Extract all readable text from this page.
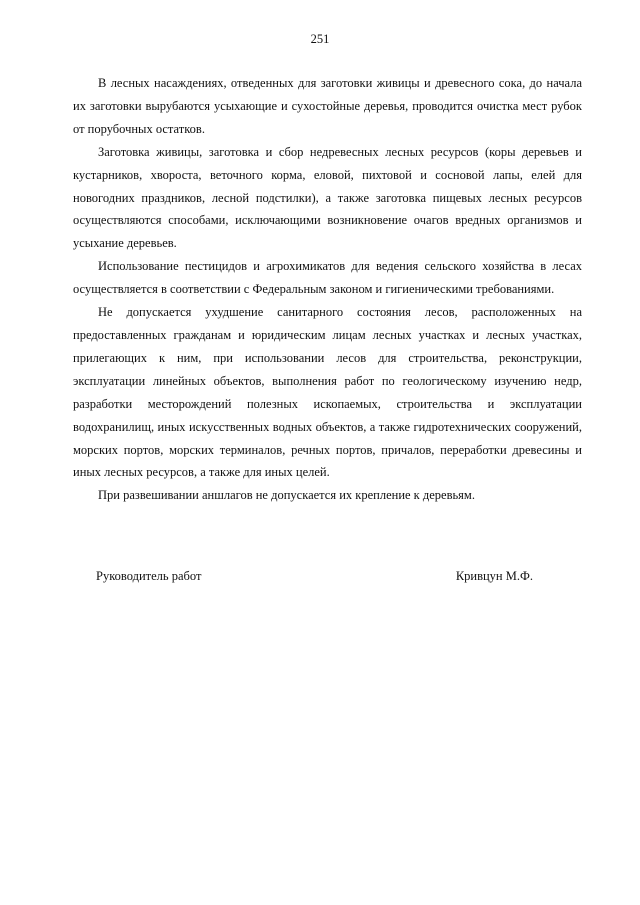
251

В лесных насаждениях, отведенных для заготовки живицы и древесного сока, до начала их заготовки вырубаются усыхающие и сухостойные деревья, проводится очистка мест рубок от порубочных остатков.

Заготовка живицы, заготовка и сбор недревесных лесных ресурсов (коры деревьев и кустарников, хвороста, веточного корма, еловой, пихтовой и сосновой лапы, елей для новогодних праздников, лесной подстилки), а также заготовка пищевых лесных ресурсов осуществляются способами, исключающими возникновение очагов вредных организмов и усыхание деревьев.

Использование пестицидов и агрохимикатов для ведения сельского хозяйства в лесах осуществляется в соответствии с Федеральным законом и гигиеническими требованиями.

Не допускается ухудшение санитарного состояния лесов, расположенных на предоставленных гражданам и юридическим лицам лесных участках и лесных участках, прилегающих к ним, при использовании лесов для строительства, реконструкции, эксплуатации линейных объектов, выполнения работ по геологическому изучению недр, разработки месторождений полезных ископаемых, строительства и эксплуатации водохранилищ, иных искусственных водных объектов, а также гидротехнических сооружений, морских портов, морских терминалов, речных портов, причалов, переработки древесины и иных лесных ресурсов, а также для иных целей.

При развешивании аншлагов не допускается их крепление к деревьям.

Руководитель работ	Кривцун М.Ф.
